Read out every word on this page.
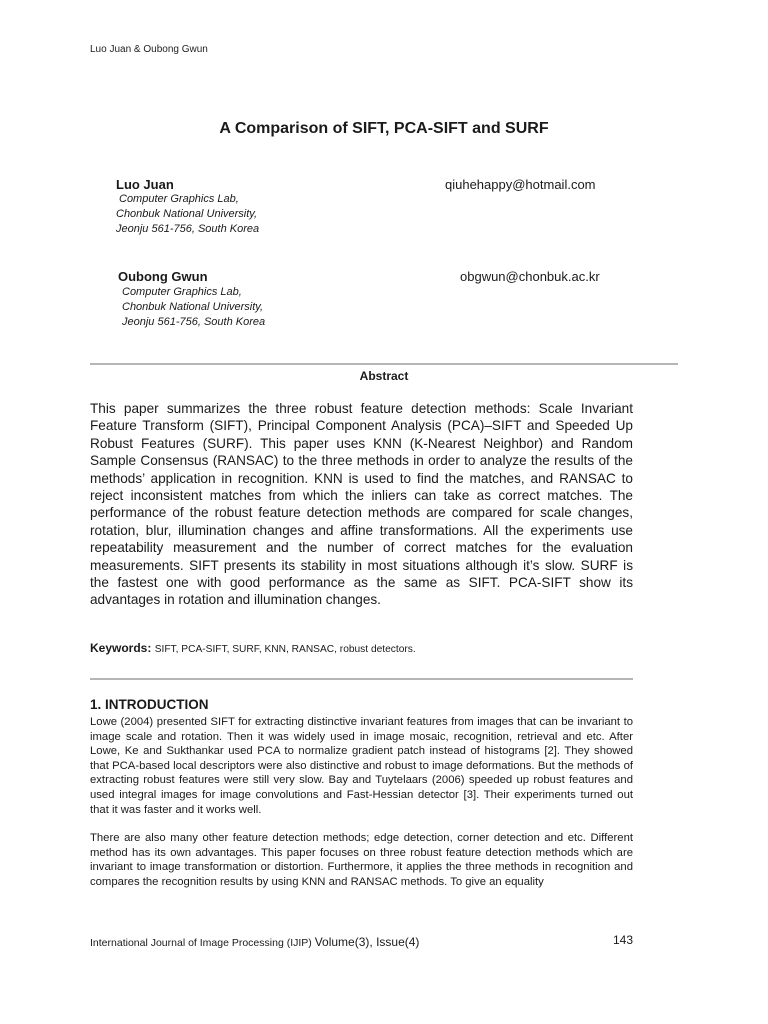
Luo Juan & Oubong Gwun
A Comparison of SIFT, PCA-SIFT and SURF
Luo Juan	qiuhehappy@hotmail.com
Computer Graphics Lab,
Chonbuk National University,
Jeonju 561-756, South Korea
Oubong Gwun	obgwun@chonbuk.ac.kr
Computer Graphics Lab,
Chonbuk National University,
Jeonju 561-756, South Korea
Abstract
This paper summarizes the three robust feature detection methods: Scale Invariant Feature Transform (SIFT), Principal Component Analysis (PCA)–SIFT and Speeded Up Robust Features (SURF). This paper uses KNN (K-Nearest Neighbor) and Random Sample Consensus (RANSAC) to the three methods in order to analyze the results of the methods’ application in recognition. KNN is used to find the matches, and RANSAC to reject inconsistent matches from which the inliers can take as correct matches. The performance of the robust feature detection methods are compared for scale changes, rotation, blur, illumination changes and affine transformations. All the experiments use repeatability measurement and the number of correct matches for the evaluation measurements. SIFT presents its stability in most situations although it’s slow. SURF is the fastest one with good performance as the same as SIFT. PCA-SIFT show its advantages in rotation and illumination changes.
Keywords: SIFT, PCA-SIFT, SURF, KNN, RANSAC, robust detectors.
1. INTRODUCTION
Lowe (2004) presented SIFT for extracting distinctive invariant features from images that can be invariant to image scale and rotation. Then it was widely used in image mosaic, recognition, retrieval and etc. After Lowe, Ke and Sukthankar used PCA to normalize gradient patch instead of histograms [2]. They showed that PCA-based local descriptors were also distinctive and robust to image deformations. But the methods of extracting robust features were still very slow. Bay and Tuytelaars (2006) speeded up robust features and used integral images for image convolutions and Fast-Hessian detector [3]. Their experiments turned out that it was faster and it works well.
There are also many other feature detection methods; edge detection, corner detection and etc. Different method has its own advantages. This paper focuses on three robust feature detection methods which are invariant to image transformation or distortion. Furthermore, it applies the three methods in recognition and compares the recognition results by using KNN and RANSAC methods. To give an equality
International Journal of Image Processing (IJIP) Volume(3), Issue(4)	143
